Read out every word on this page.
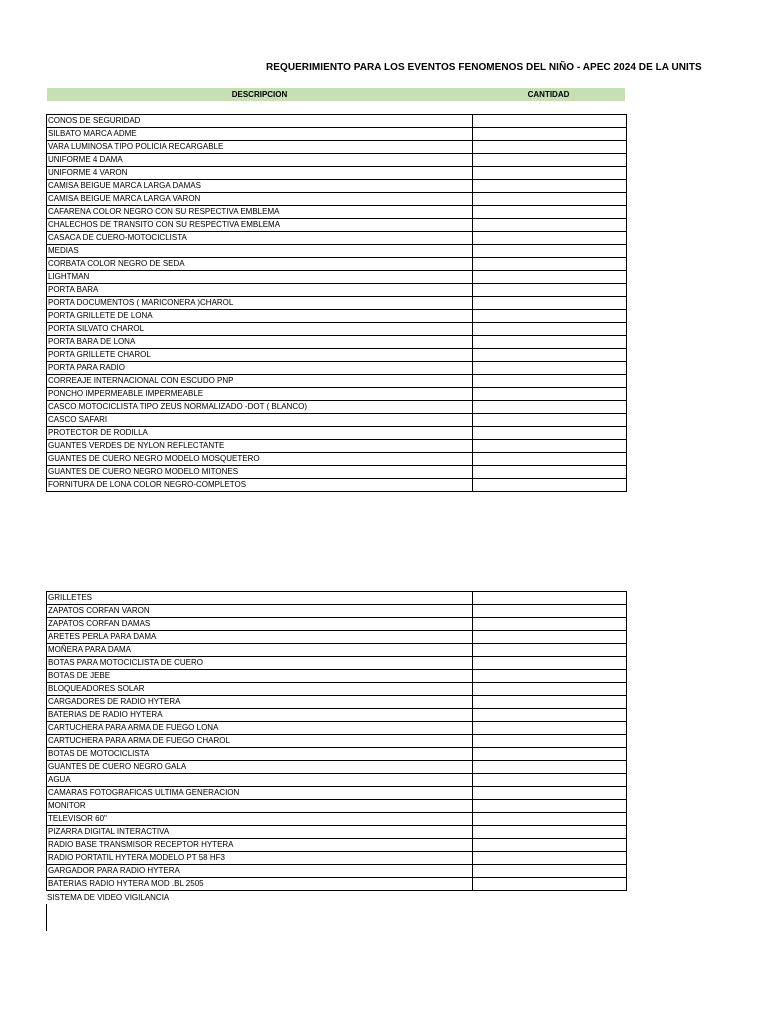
REQUERIMIENTO PARA LOS EVENTOS FENOMENOS DEL NIÑO - APEC 2024 DE LA UNITS
DESCRIPCION	CANTIDAD
CONOS DE SEGURIDAD	
SILBATO MARCA ADME	
VARA LUMINOSA TIPO POLICIA RECARGABLE	
UNIFORME 4 DAMA	
UNIFORME 4 VARON	
CAMISA BEIGUE MARCA LARGA DAMAS	
CAMISA BEIGUE MARCA LARGA VARON	
CAFARENA COLOR NEGRO CON SU RESPECTIVA EMBLEMA	
CHALECHOS DE TRANSITO CON SU RESPECTIVA EMBLEMA	
CASACA DE CUERO-MOTOCICLISTA	
MEDIAS	
CORBATA COLOR NEGRO DE SEDA	
LIGHTMAN	
PORTA BARA	
PORTA DOCUMENTOS ( MARICONERA )CHAROL	
PORTA GRILLETE DE LONA	
PORTA SILVATO CHAROL	
PORTA BARA DE LONA	
PORTA GRILLETE CHAROL	
PORTA PARA RADIO	
CORREAJE INTERNACIONAL CON ESCUDO PNP	
PONCHO IMPERMEABLE IMPERMEABLE	
CASCO MOTOCICLISTA TIPO ZEUS NORMALIZADO -DOT ( BLANCO)	
CASCO SAFARI	
PROTECTOR DE RODILLA	
GUANTES VERDES DE NYLON REFLECTANTE	
GUANTES DE CUERO NEGRO MODELO MOSQUETERO	
GUANTES DE CUERO NEGRO MODELO MITONES	
FORNITURA DE LONA COLOR NEGRO-COMPLETOS	
GRILLETES	
ZAPATOS CORFAN VARON	
ZAPATOS CORFAN DAMAS	
ARETES PERLA PARA DAMA	
MOÑERA PARA DAMA	
BOTAS PARA MOTOCICLISTA DE CUERO	
BOTAS DE JEBE	
BLOQUEADORES SOLAR	
CARGADORES DE RADIO HYTERA	
BATERIAS DE RADIO HYTERA	
CARTUCHERA PARA ARMA DE FUEGO LONA	
CARTUCHERA PARA ARMA DE FUEGO CHAROL	
BOTAS DE MOTOCICLISTA	
GUANTES DE CUERO NEGRO GALA	
AGUA	
CAMARAS FOTOGRAFICAS ULTIMA GENERACION	
MONITOR	
TELEVISOR 60"	
PIZARRA DIGITAL INTERACTIVA	
RADIO BASE TRANSMISOR RECEPTOR HYTERA	
RADIO PORTATIL HYTERA MODELO PT 58 HF3	
GARGADOR PARA RADIO HYTERA	
BATERIAS RADIO HYTERA MOD .BL 2505	
SISTEMA DE VIDEO VIGILANCIA
